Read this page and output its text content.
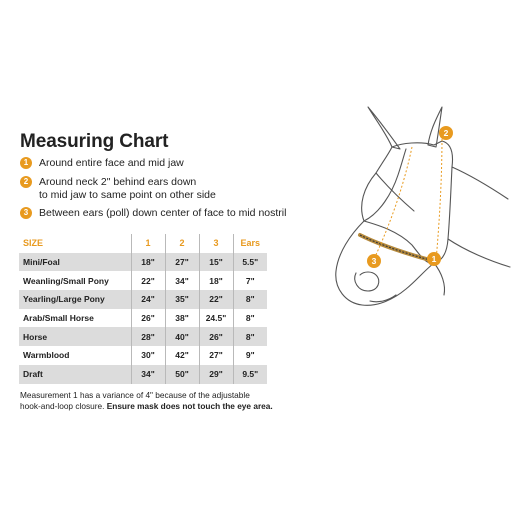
Measuring Chart
1	Around entire face and mid jaw
2	Around neck 2" behind ears down
to mid jaw to same point on other side
3	Between ears (poll) down center of face to mid nostril
SIZE	1	2	3	Ears
Mini/Foal	18"	27"	15"	5.5"
Weanling/Small Pony	22"	34"	18"	7"
Yearling/Large Pony	24"	35"	22"	8"
Arab/Small Horse	26"	38"	24.5"	8"
Horse	28"	40"	26"	8"
Warmblood	30"	42"	27"	9"
Draft	34"	50"	29"	9.5"
Measurement 1 has a variance of 4" because of the adjustable
hook-and-loop closure. Ensure mask does not touch the eye area.
2
3	1
